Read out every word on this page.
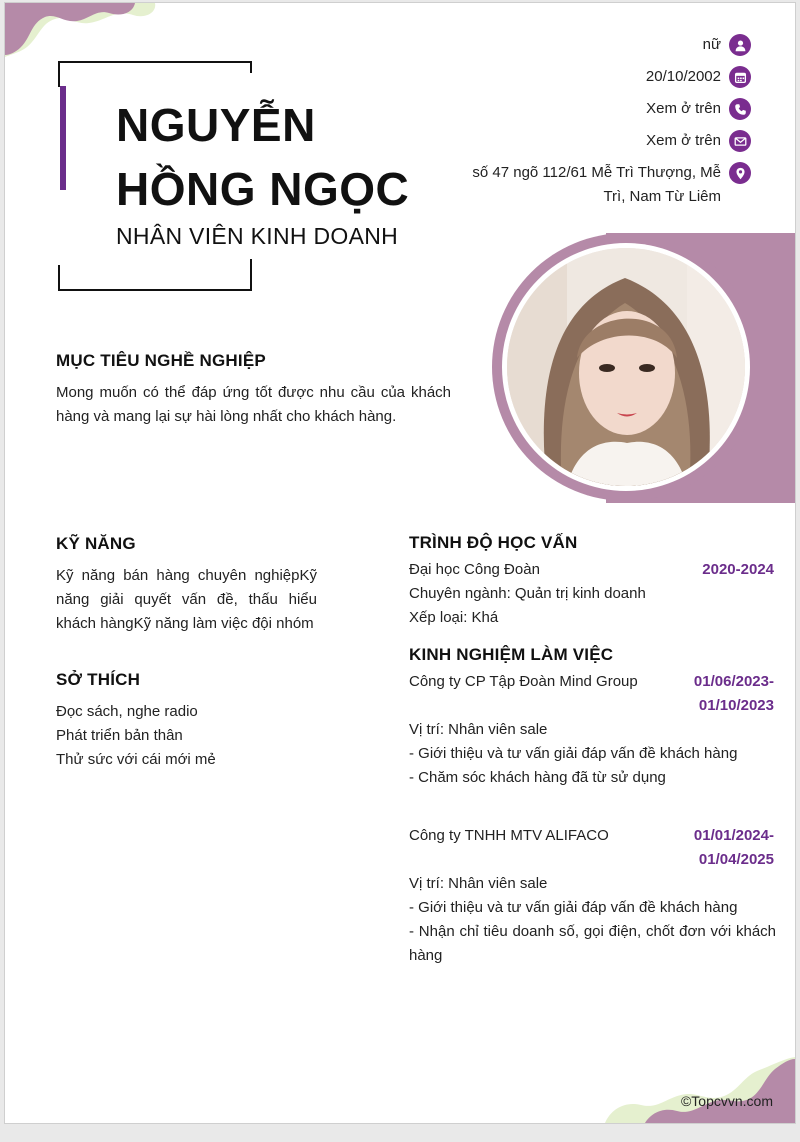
NGUYỄN
HỒNG NGỌC
NHÂN VIÊN KINH DOANH
nữ
20/10/2002
Xem ở trên
Xem ở trên
số 47 ngõ 112/61 Mễ Trì Thượng, Mễ Trì, Nam Từ Liêm
MỤC TIÊU NGHỀ NGHIỆP
Mong muốn có thể đáp ứng tốt được nhu cầu của khách hàng và mang lại sự hài lòng nhất cho khách hàng.
KỸ NĂNG
Kỹ năng bán hàng chuyên nghiệpKỹ năng giải quyết vấn đề, thấu hiểu khách hàngKỹ năng làm việc đội nhóm
SỞ THÍCH
Đọc sách, nghe radio
Phát triển bản thân
Thử sức với cái mới mẻ
TRÌNH ĐỘ HỌC VẤN
Đại học Công Đoàn	2020-2024
Chuyên ngành: Quản trị kinh doanh
Xếp loại: Khá
KINH NGHIỆM LÀM VIỆC
Công ty CP Tập Đoàn Mind Group	01/06/2023-
01/10/2023
Vị trí: Nhân viên sale
- Giới thiệu và tư vấn giải đáp vấn đề khách hàng
- Chăm sóc khách hàng đã từ sử dụng
Công ty TNHH MTV ALIFACO	01/01/2024-
01/04/2025
Vị trí: Nhân viên sale
- Giới thiệu và tư vấn giải đáp vấn đề khách hàng
- Nhận chỉ tiêu doanh số, gọi điện, chốt đơn với khách hàng
©Topcvvn.com
